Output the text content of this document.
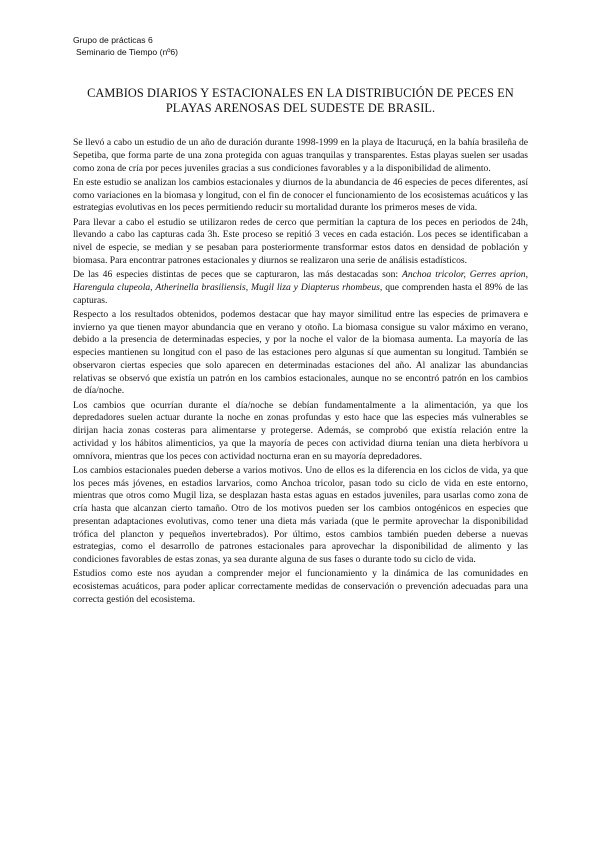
Grupo de prácticas 6
Seminario de Tiempo (nº6)
CAMBIOS DIARIOS Y ESTACIONALES EN LA DISTRIBUCIÓN DE PECES EN
PLAYAS ARENOSAS DEL SUDESTE DE BRASIL.

Se llevó a cabo un estudio de un año de duración durante 1998-1999 en la playa de Itacuruçá, en la bahía brasileña de Sepetiba, que forma parte de una zona protegida con aguas tranquilas y transparentes. Estas playas suelen ser usadas como zona de cría por peces juveniles gracias a sus condiciones favorables y a la disponibilidad de alimento.

En este estudio se analizan los cambios estacionales y diurnos de la abundancia de 46 especies de peces diferentes, así como variaciones en la biomasa y longitud, con el fin de conocer el funcionamiento de los ecosistemas acuáticos y las estrategias evolutivas en los peces permitiendo reducir su mortalidad durante los primeros meses de vida.

Para llevar a cabo el estudio se utilizaron redes de cerco que permitían la captura de los peces en periodos de 24h, llevando a cabo las capturas cada 3h. Este proceso se repitió 3 veces en cada estación. Los peces se identificaban a nivel de especie, se median y se pesaban para posteriormente transformar estos datos en densidad de población y biomasa. Para encontrar patrones estacionales y diurnos se realizaron una serie de análisis estadísticos.

De las 46 especies distintas de peces que se capturaron, las más destacadas son: Anchoa tricolor, Gerres aprion, Harengula clupeola, Atherinella brasiliensis, Mugil liza y Diapterus rhombeus, que comprenden hasta el 89% de las capturas.

Respecto a los resultados obtenidos, podemos destacar que hay mayor similitud entre las especies de primavera e invierno ya que tienen mayor abundancia que en verano y otoño. La biomasa consigue su valor máximo en verano, debido a la presencia de determinadas especies, y por la noche el valor de la biomasa aumenta. La mayoría de las especies mantienen su longitud con el paso de las estaciones pero algunas sí que aumentan su longitud. También se observaron ciertas especies que solo aparecen en determinadas estaciones del año. Al analizar las abundancias relativas se observó que existía un patrón en los cambios estacionales, aunque no se encontró patrón en los cambios de día/noche.

Los cambios que ocurrían durante el día/noche se debían fundamentalmente a la alimentación, ya que los depredadores suelen actuar durante la noche en zonas profundas y esto hace que las especies más vulnerables se dirijan hacia zonas costeras para alimentarse y protegerse. Además, se comprobó que existía relación entre la actividad y los hábitos alimenticios, ya que la mayoría de peces con actividad diurna tenían una dieta herbívora u omnívora, mientras que los peces con actividad nocturna eran en su mayoría depredadores.

Los cambios estacionales pueden deberse a varios motivos. Uno de ellos es la diferencia en los ciclos de vida, ya que los peces más jóvenes, en estadios larvarios, como Anchoa tricolor, pasan todo su ciclo de vida en este entorno, mientras que otros como Mugil liza, se desplazan hasta estas aguas en estados juveniles, para usarlas como zona de cría hasta que alcanzan cierto tamaño. Otro de los motivos pueden ser los cambios ontogénicos en especies que presentan adaptaciones evolutivas, como tener una dieta más variada (que le permite aprovechar la disponibilidad trófica del plancton y pequeños invertebrados). Por último, estos cambios también pueden deberse a nuevas estrategias, como el desarrollo de patrones estacionales para aprovechar la disponibilidad de alimento y las condiciones favorables de estas zonas, ya sea durante alguna de sus fases o durante todo su ciclo de vida.

Estudios como este nos ayudan a comprender mejor el funcionamiento y la dinámica de las comunidades en ecosistemas acuáticos, para poder aplicar correctamente medidas de conservación o prevención adecuadas para una correcta gestión del ecosistema.
